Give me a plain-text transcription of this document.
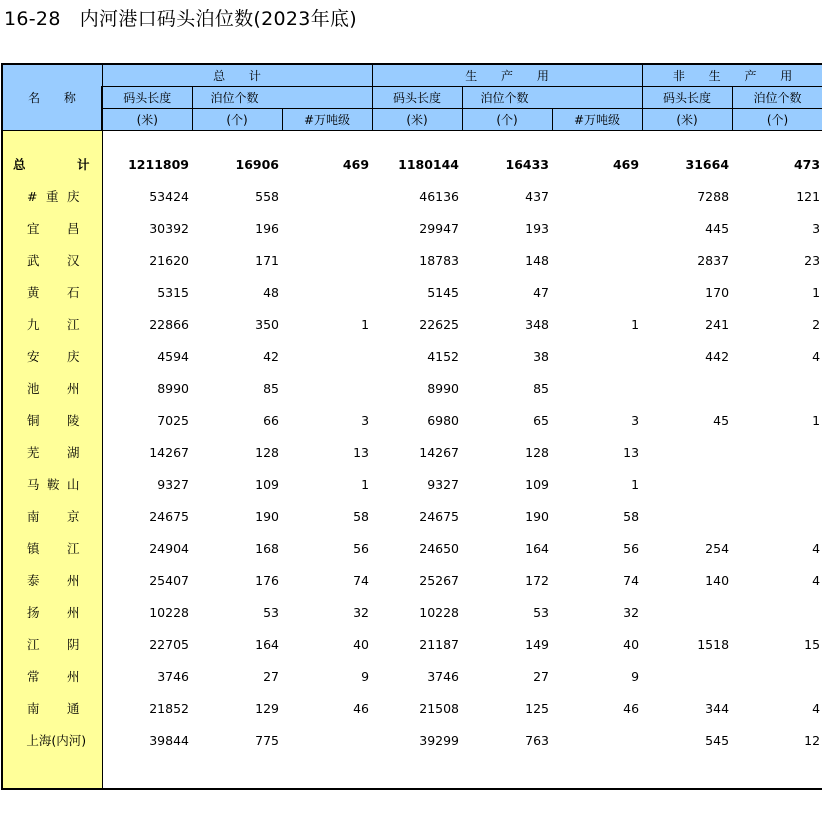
16-28   内河港口码头泊位数(2023年底)
名 称	总 计			生 产 用			非 生 产 用	
	码头长度	泊位个数		码头长度	泊位个数		码头长度	泊位个数
	(米)	(个)	#万吨级	(米)	(个)	#万吨级	(米)	(个)

总计	1211809	16906	469	1180144	16433	469	31664	473
#重庆	53424	558		46136	437		7288	121
宜昌	30392	196		29947	193		445	3
武汉	21620	171		18783	148		2837	23
黄石	5315	48		5145	47		170	1
九江	22866	350	1	22625	348	1	241	2
安庆	4594	42		4152	38		442	4
池州	8990	85		8990	85			
铜陵	7025	66	3	6980	65	3	45	1
芜湖	14267	128	13	14267	128	13		
马鞍山	9327	109	1	9327	109	1		
南京	24675	190	58	24675	190	58		
镇江	24904	168	56	24650	164	56	254	4
泰州	25407	176	74	25267	172	74	140	4
扬州	10228	53	32	10228	53	32		
江阴	22705	164	40	21187	149	40	1518	15
常州	3746	27	9	3746	27	9		
南通	21852	129	46	21508	125	46	344	4
上海(内河)	39844	775		39299	763		545	12
